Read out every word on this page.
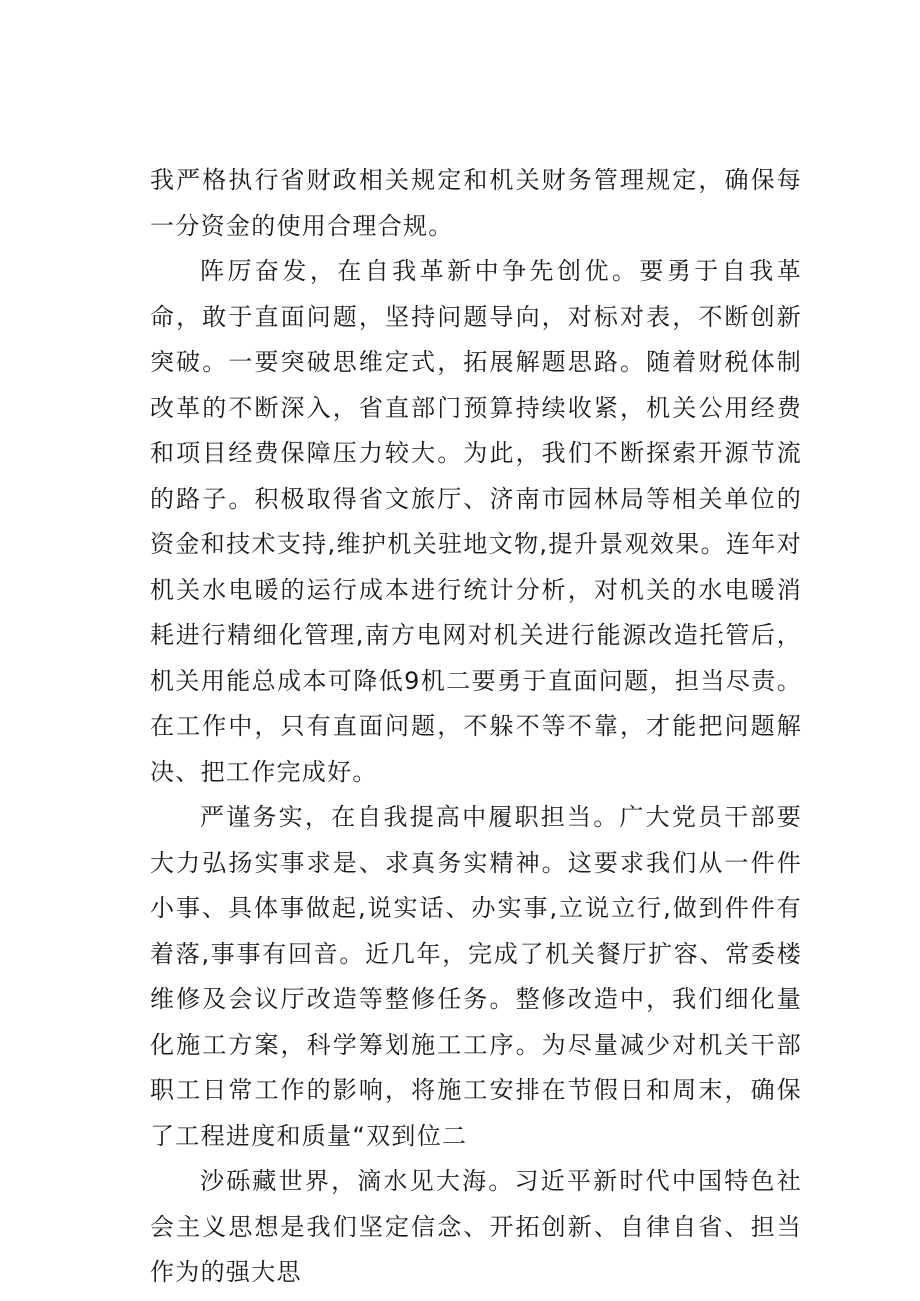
我严格执行省财政相关规定和机关财务管理规定，确保每一分资金的使用合理合规。

阵厉奋发，在自我革新中争先创优。要勇于自我革命，敢于直面问题，坚持问题导向，对标对表，不断创新突破。一要突破思维定式，拓展解题思路。随着财税体制改革的不断深入，省直部门预算持续收紧，机关公用经费和项目经费保障压力较大。为此，我们不断探索开源节流的路子。积极取得省文旅厅、济南市园林局等相关单位的资金和技术支持,维护机关驻地文物,提升景观效果。连年对机关水电暖的运行成本进行统计分析，对机关的水电暖消耗进行精细化管理,南方电网对机关进行能源改造托管后，机关用能总成本可降低9机二要勇于直面问题，担当尽责。在工作中，只有直面问题，不躲不等不靠，才能把问题解决、把工作完成好。

严谨务实，在自我提高中履职担当。广大党员干部要大力弘扬实事求是、求真务实精神。这要求我们从一件件小事、具体事做起,说实话、办实事,立说立行,做到件件有着落,事事有回音。近几年，完成了机关餐厅扩容、常委楼维修及会议厅改造等整修任务。整修改造中，我们细化量化施工方案，科学筹划施工工序。为尽量减少对机关干部职工日常工作的影响，将施工安排在节假日和周末，确保了工程进度和质量“双到位二

沙砾藏世界，滴水见大海。习近平新时代中国特色社会主义思想是我们坚定信念、开拓创新、自律自省、担当作为的强大思
